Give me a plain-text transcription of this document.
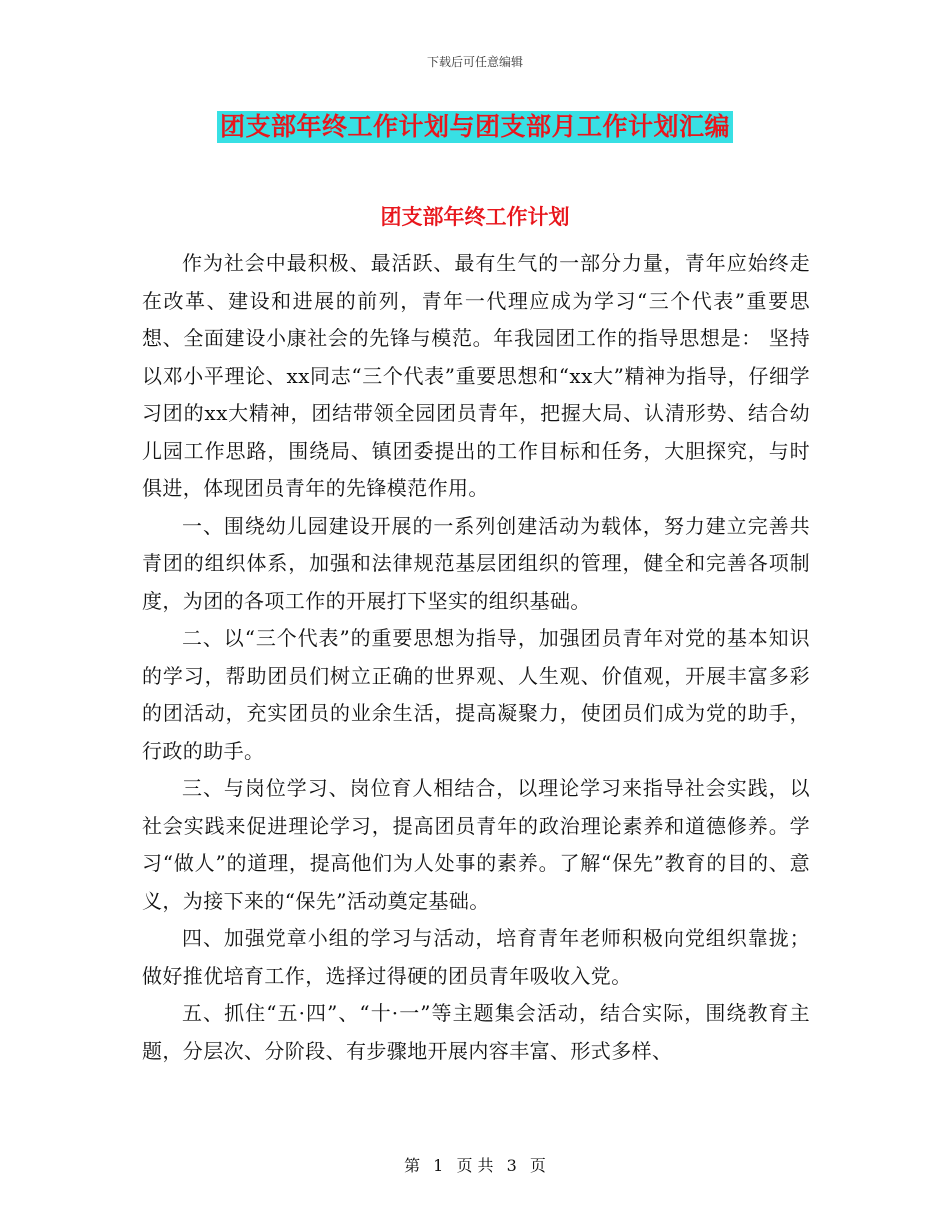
下载后可任意编辑
团支部年终工作计划与团支部月工作计划汇编
团支部年终工作计划

作为社会中最积极、最活跃、最有生气的一部分力量，青年应始终走在改革、建设和进展的前列，青年一代理应成为学习“三个代表”重要思想、全面建设小康社会的先锋与模范。年我园团工作的指导思想是： 坚持以邓小平理论、xx同志“三个代表”重要思想和“xx大”精神为指导，仔细学习团的xx大精神，团结带领全园团员青年，把握大局、认清形势、结合幼儿园工作思路，围绕局、镇团委提出的工作目标和任务，大胆探究，与时俱进，体现团员青年的先锋模范作用。

一、围绕幼儿园建设开展的一系列创建活动为载体，努力建立完善共青团的组织体系，加强和法律规范基层团组织的管理，健全和完善各项制度，为团的各项工作的开展打下坚实的组织基础。

二、以“三个代表”的重要思想为指导，加强团员青年对党的基本知识的学习，帮助团员们树立正确的世界观、人生观、价值观，开展丰富多彩的团活动，充实团员的业余生活，提高凝聚力，使团员们成为党的助手，行政的助手。

三、与岗位学习、岗位育人相结合，以理论学习来指导社会实践，以社会实践来促进理论学习，提高团员青年的政治理论素养和道德修养。学习“做人”的道理，提高他们为人处事的素养。了解“保先”教育的目的、意义，为接下来的“保先”活动奠定基础。

四、加强党章小组的学习与活动，培育青年老师积极向党组织靠拢；做好推优培育工作，选择过得硬的团员青年吸收入党。

五、抓住“五·四”、“十·一”等主题集会活动，结合实际，围绕教育主题，分层次、分阶段、有步骤地开展内容丰富、形式多样、

第 1 页 共 3 页
